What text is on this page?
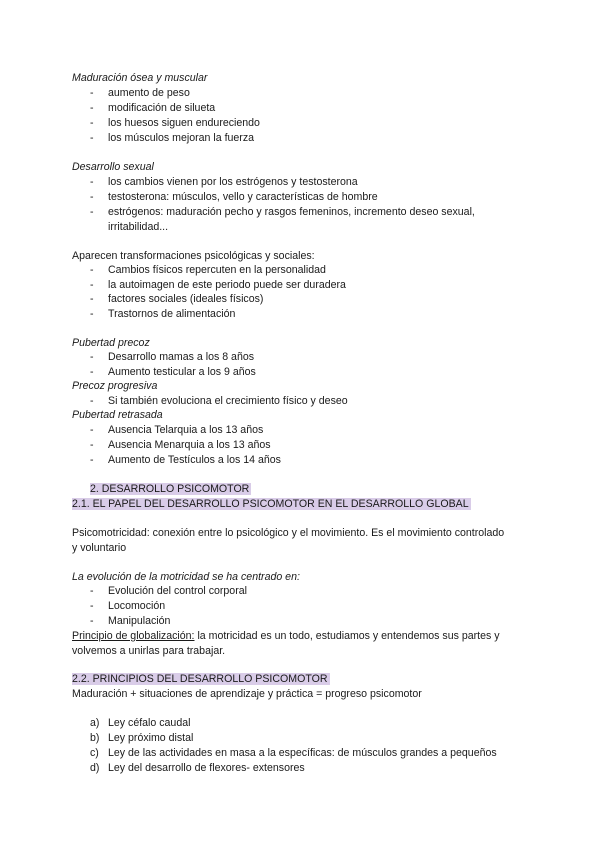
Maduración ósea y muscular
- aumento de peso
- modificación de silueta
- los huesos siguen endureciendo
- los músculos mejoran la fuerza
Desarrollo sexual
- los cambios vienen por los estrógenos y testosterona
- testosterona: músculos, vello y características de hombre
- estrógenos: maduración pecho y rasgos femeninos, incremento deseo sexual,
irritabilidad...
Aparecen transformaciones psicológicas y sociales:
- Cambios físicos repercuten en la personalidad
- la autoimagen de este periodo puede ser duradera
- factores sociales (ideales físicos)
- Trastornos de alimentación
Pubertad precoz
- Desarrollo mamas a los 8 años
- Aumento testicular a los 9 años
Precoz progresiva
- Si también evoluciona el crecimiento físico y deseo
Pubertad retrasada
- Ausencia Telarquia a los 13 años
- Ausencia Menarquia a los 13 años
- Aumento de Testículos a los 14 años
2. DESARROLLO PSICOMOTOR
2.1. EL PAPEL DEL DESARROLLO PSICOMOTOR EN EL DESARROLLO GLOBAL
Psicomotricidad: conexión entre lo psicológico y el movimiento. Es el movimiento controlado
y voluntario
La evolución de la motricidad se ha centrado en:
- Evolución del control corporal
- Locomoción
- Manipulación
Principio de globalización: la motricidad es un todo, estudiamos y entendemos sus partes y
volvemos a unirlas para trabajar.
2.2. PRINCIPIOS DEL DESARROLLO PSICOMOTOR
Maduración + situaciones de aprendizaje y práctica = progreso psicomotor
a) Ley céfalo caudal
b) Ley próximo distal
c) Ley de las actividades en masa a la específicas: de músculos grandes a pequeños
d) Ley del desarrollo de flexores- extensores
